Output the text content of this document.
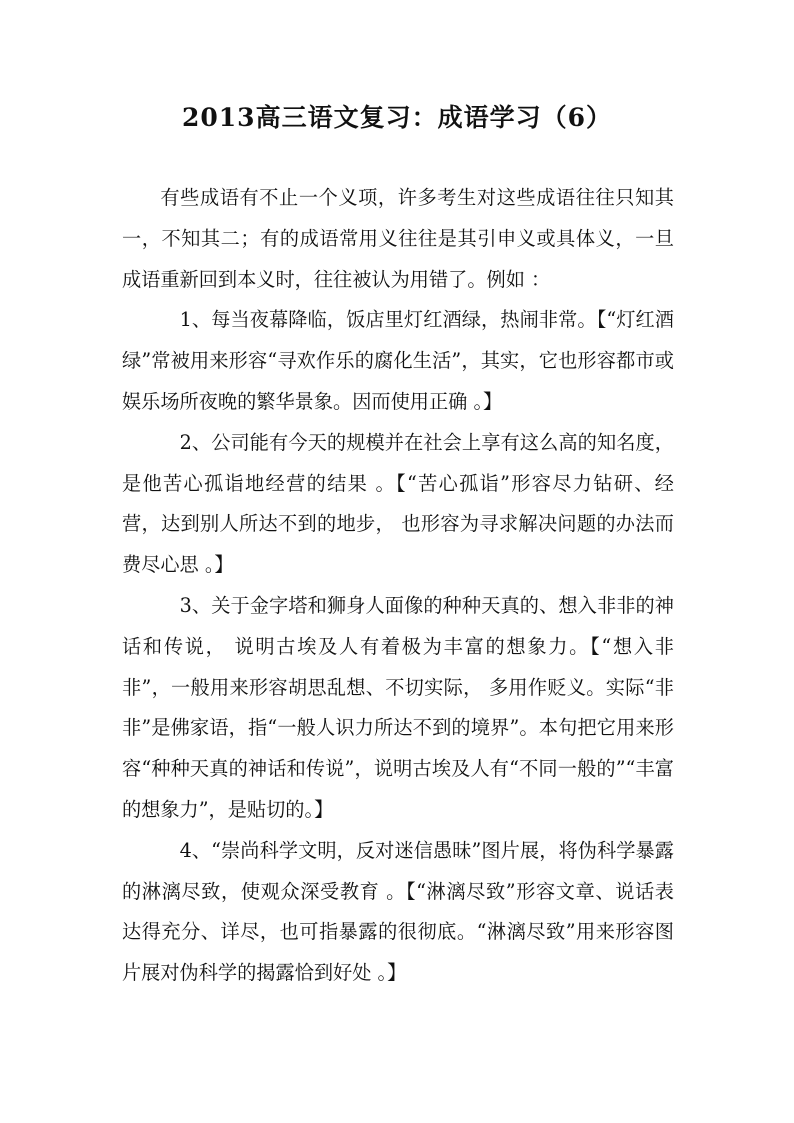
2013高三语文复习：成语学习（6）

有些成语有不止一个义项，许多考生对这些成语往往只知其一，不知其二；有的成语常用义往往是其引申义或具体义，一旦成语重新回到本义时，往往被认为用错了。例如 ：

1、每当夜幕降临，饭店里灯红酒绿，热闹非常。【“灯红酒绿”常被用来形容“寻欢作乐的腐化生活”，其实，它也形容都市或娱乐场所夜晚的繁华景象。因而使用正确 。】

2、公司能有今天的规模并在社会上享有这么高的知名度，是他苦心孤诣地经营的结果 。【“苦心孤诣”形容尽力钻研、经营，达到别人所达不到的地步， 也形容为寻求解决问题的办法而费尽心思 。】

3、关于金字塔和狮身人面像的种种天真的、想入非非的神话和传说， 说明古埃及人有着极为丰富的想象力。【“想入非非”，一般用来形容胡思乱想、不切实际， 多用作贬义。实际“非非”是佛家语，指“一般人识力所达不到的境界”。本句把它用来形容“种种天真的神话和传说”，说明古埃及人有“不同一般的”“丰富的想象力”，是贴切的。】

4、“崇尚科学文明，反对迷信愚昧”图片展，将伪科学暴露的淋漓尽致，使观众深受教育 。【“淋漓尽致”形容文章、说话表达得充分、详尽，也可指暴露的很彻底。“淋漓尽致”用来形容图片展对伪科学的揭露恰到好处 。】
